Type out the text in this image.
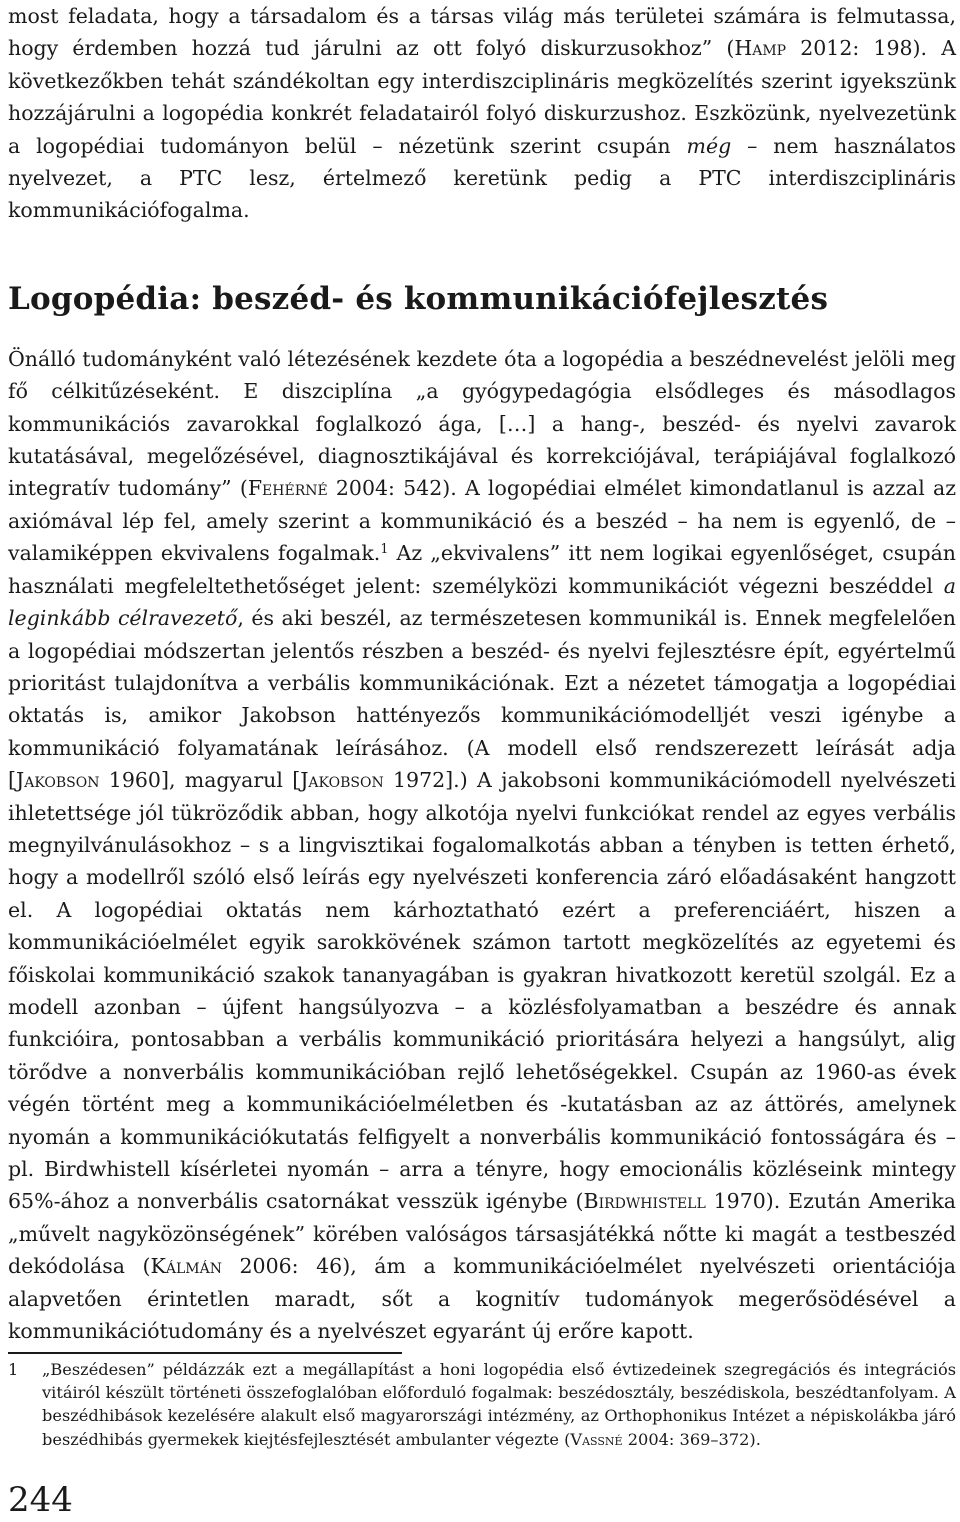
most feladata, hogy a társadalom és a társas világ más területei számára is felmutassa, hogy érdemben hozzá tud járulni az ott folyó diskurzusokhoz” (Hamp 2012: 198). A következőkben tehát szándékoltan egy interdiszciplináris megközelítés szerint igyekszünk hozzájárulni a logopédia konkrét feladatairól folyó diskurzushoz. Eszközünk, nyelvezetünk a logopédiai tudományon belül – nézetünk szerint csupán még – nem használatos nyelvezet, a PTC lesz, értelmező keretünk pedig a PTC interdiszciplináris kommunikációfogalma.

Logopédia: beszéd- és kommunikációfejlesztés

Önálló tudományként való létezésének kezdete óta a logopédia a beszédnevelést jelöli meg fő célkitűzéseként. E diszciplína „a gyógypedagógia elsődleges és másodlagos kommunikációs zavarokkal foglalkozó ága, […] a hang-, beszéd- és nyelvi zavarok kutatásával, megelőzésével, diagnosztikájával és korrekciójával, terápiájával foglalkozó integratív tudomány” (Fehérné 2004: 542). A logopédiai elmélet kimondatlanul is azzal az axiómával lép fel, amely szerint a kommunikáció és a beszéd – ha nem is egyenlő, de – valamiképpen ekvivalens fogalmak.$^1$ Az „ekvivalens” itt nem logikai egyenlőséget, csupán használati megfeleltethetőséget jelent: személyközi kommunikációt végezni beszéddel a leginkább célravezető, és aki beszél, az természetesen kommunikál is. Ennek megfelelően a logopédiai módszertan jelentős részben a beszéd- és nyelvi fejlesztésre épít, egyértelmű prioritást tulajdonítva a verbális kommunikációnak. Ezt a nézetet támogatja a logopédiai oktatás is, amikor Jakobson hattényezős kommunikációmodelljét veszi igénybe a kommunikáció folyamatának leírásához. (A modell első rendszerezett leírását adja [Jakobson 1960], magyarul [Jakobson 1972].) A jakobsoni kommunikációmodell nyelvészeti ihletettsége jól tükröződik abban, hogy alkotója nyelvi funkciókat rendel az egyes verbális megnyilvánulásokhoz – s a lingvisztikai fogalomalkotás abban a tényben is tetten érhető, hogy a modellről szóló első leírás egy nyelvészeti konferencia záró előadásaként hangzott el. A logopédiai oktatás nem kárhoztatható ezért a preferenciáért, hiszen a kommunikációelmélet egyik sarokkövének számon tartott megközelítés az egyetemi és főiskolai kommunikáció szakok tananyagában is gyakran hivatkozott keretül szolgál. Ez a modell azonban – újfent hangsúlyozva – a közlésfolyamatban a beszédre és annak funkcióira, pontosabban a verbális kommunikáció prioritására helyezi a hangsúlyt, alig törődve a nonverbális kommunikációban rejlő lehetőségekkel. Csupán az 1960-as évek végén történt meg a kommunikációelméletben és -kutatásban az az áttörés, amelynek nyomán a kommunikációkutatás felfigyelt a nonverbális kommunikáció fontosságára és – pl. Birdwhistell kísérletei nyomán – arra a tényre, hogy emocionális közléseink mintegy 65%-ához a nonverbális csatornákat vesszük igénybe (Birdwhistell 1970). Ezután Amerika „művelt nagyközönségének” körében valóságos társasjátékká nőtte ki magát a testbeszéd dekódolása (Kálmán 2006: 46), ám a kommunikációelmélet nyelvészeti orientációja alapvetően érintetlen maradt, sőt a kognitív tudományok megerősödésével a kommunikációtudomány és a nyelvészet egyaránt új erőre kapott.

1	„Beszédesen” példázzák ezt a megállapítást a honi logopédia első évtizedeinek szegregációs és integrációs vitáiról készült történeti összefoglalóban előforduló fogalmak: beszédosztály, beszédiskola, beszédtanfolyam. A beszédhibások kezelésére alakult első magyarországi intézmény, az Orthophonikus Intézet a népiskolákba járó beszédhibás gyermekek kiejtésfejlesztését ambulanter végezte (Vassné 2004: 369–372).
244
